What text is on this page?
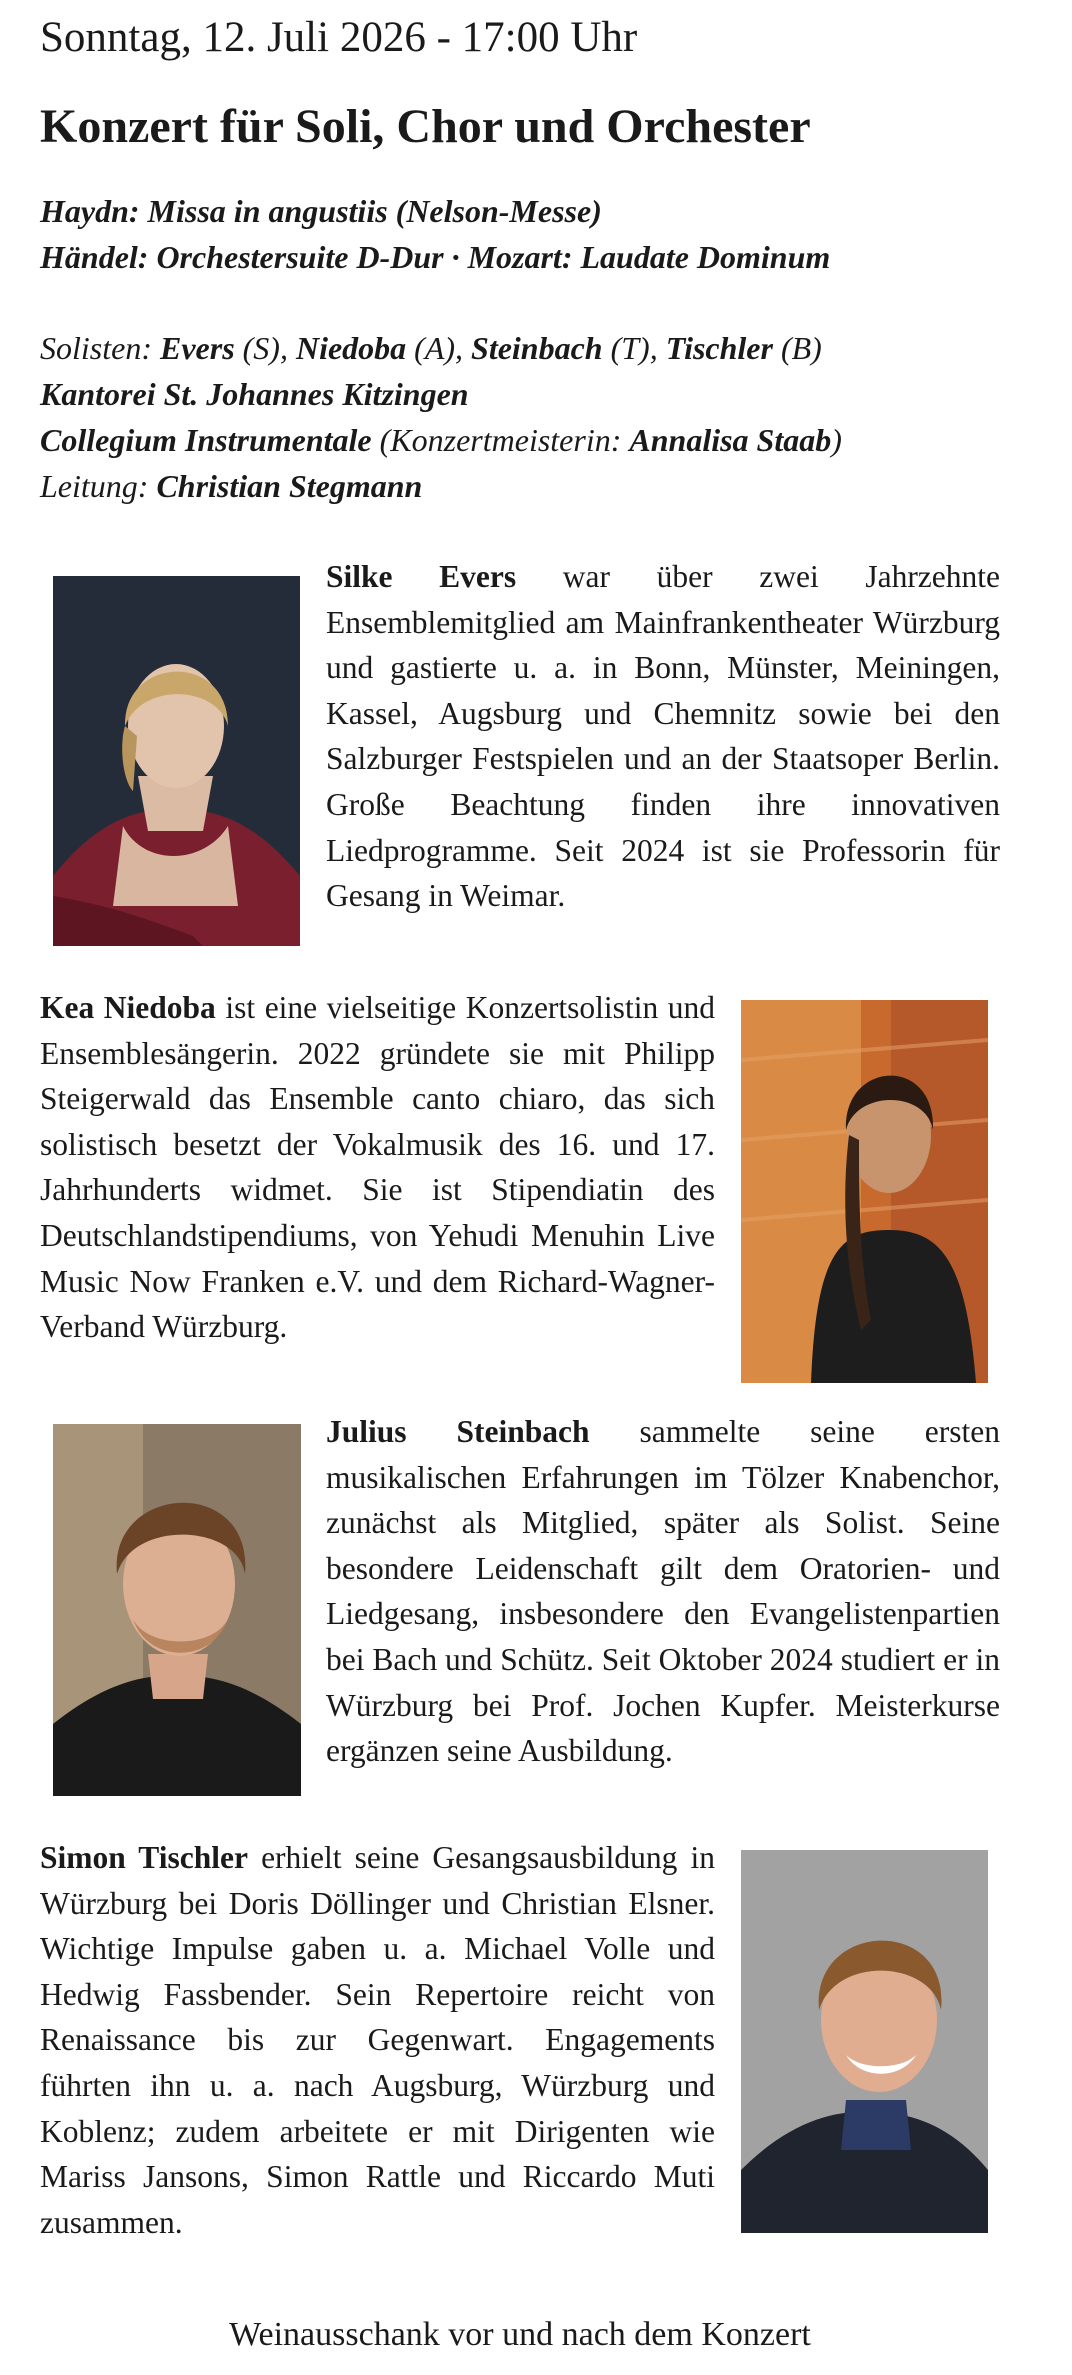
Sonntag, 12. Juli 2026 - 17:00 Uhr
Konzert für Soli, Chor und Orchester
Haydn: Missa in angustiis (Nelson-Messe)
Händel: Orchestersuite D-Dur · Mozart: Laudate Dominum
Solisten: Evers (S), Niedoba (A), Steinbach (T), Tischler (B)
Kantorei St. Johannes Kitzingen
Collegium Instrumentale (Konzertmeisterin: Annalisa Staab)
Leitung: Christian Stegmann
Silke Evers war über zwei Jahrzehnte Ensemblemitglied am Mainfrankentheater Würzburg und gastierte u. a. in Bonn, Münster, Meiningen, Kassel, Augsburg und Chemnitz sowie bei den Salzburger Festspielen und an der Staatsoper Berlin. Große Beachtung finden ihre innovativen Liedprogramme. Seit 2024 ist sie Professorin für Gesang in Weimar.
Kea Niedoba ist eine vielseitige Konzertsolistin und Ensemblesängerin. 2022 gründete sie mit Philipp Steigerwald das Ensemble canto chiaro, das sich solistisch besetzt der Vokalmusik des 16. und 17. Jahrhunderts widmet. Sie ist Stipendiatin des Deutschlandstipendiums, von Yehudi Menuhin Live Music Now Franken e.V. und dem Richard-Wagner-Verband Würzburg.
Julius Steinbach sammelte seine ersten musikalischen Erfahrungen im Tölzer Knabenchor, zunächst als Mitglied, später als Solist. Seine besondere Leidenschaft gilt dem Oratorien- und Liedgesang, insbesondere den Evangelistenpartien bei Bach und Schütz. Seit Oktober 2024 studiert er in Würzburg bei Prof. Jochen Kupfer. Meisterkurse ergänzen seine Ausbildung.
Simon Tischler erhielt seine Gesangsausbildung in Würzburg bei Doris Döllinger und Christian Elsner. Wichtige Impulse gaben u. a. Michael Volle und Hedwig Fassbender. Sein Repertoire reicht von Renaissance bis zur Gegenwart. Engagements führten ihn u. a. nach Augsburg, Würzburg und Koblenz; zudem arbeitete er mit Dirigenten wie Mariss Jansons, Simon Rattle und Riccardo Muti zusammen.
Weinausschank vor und nach dem Konzert
